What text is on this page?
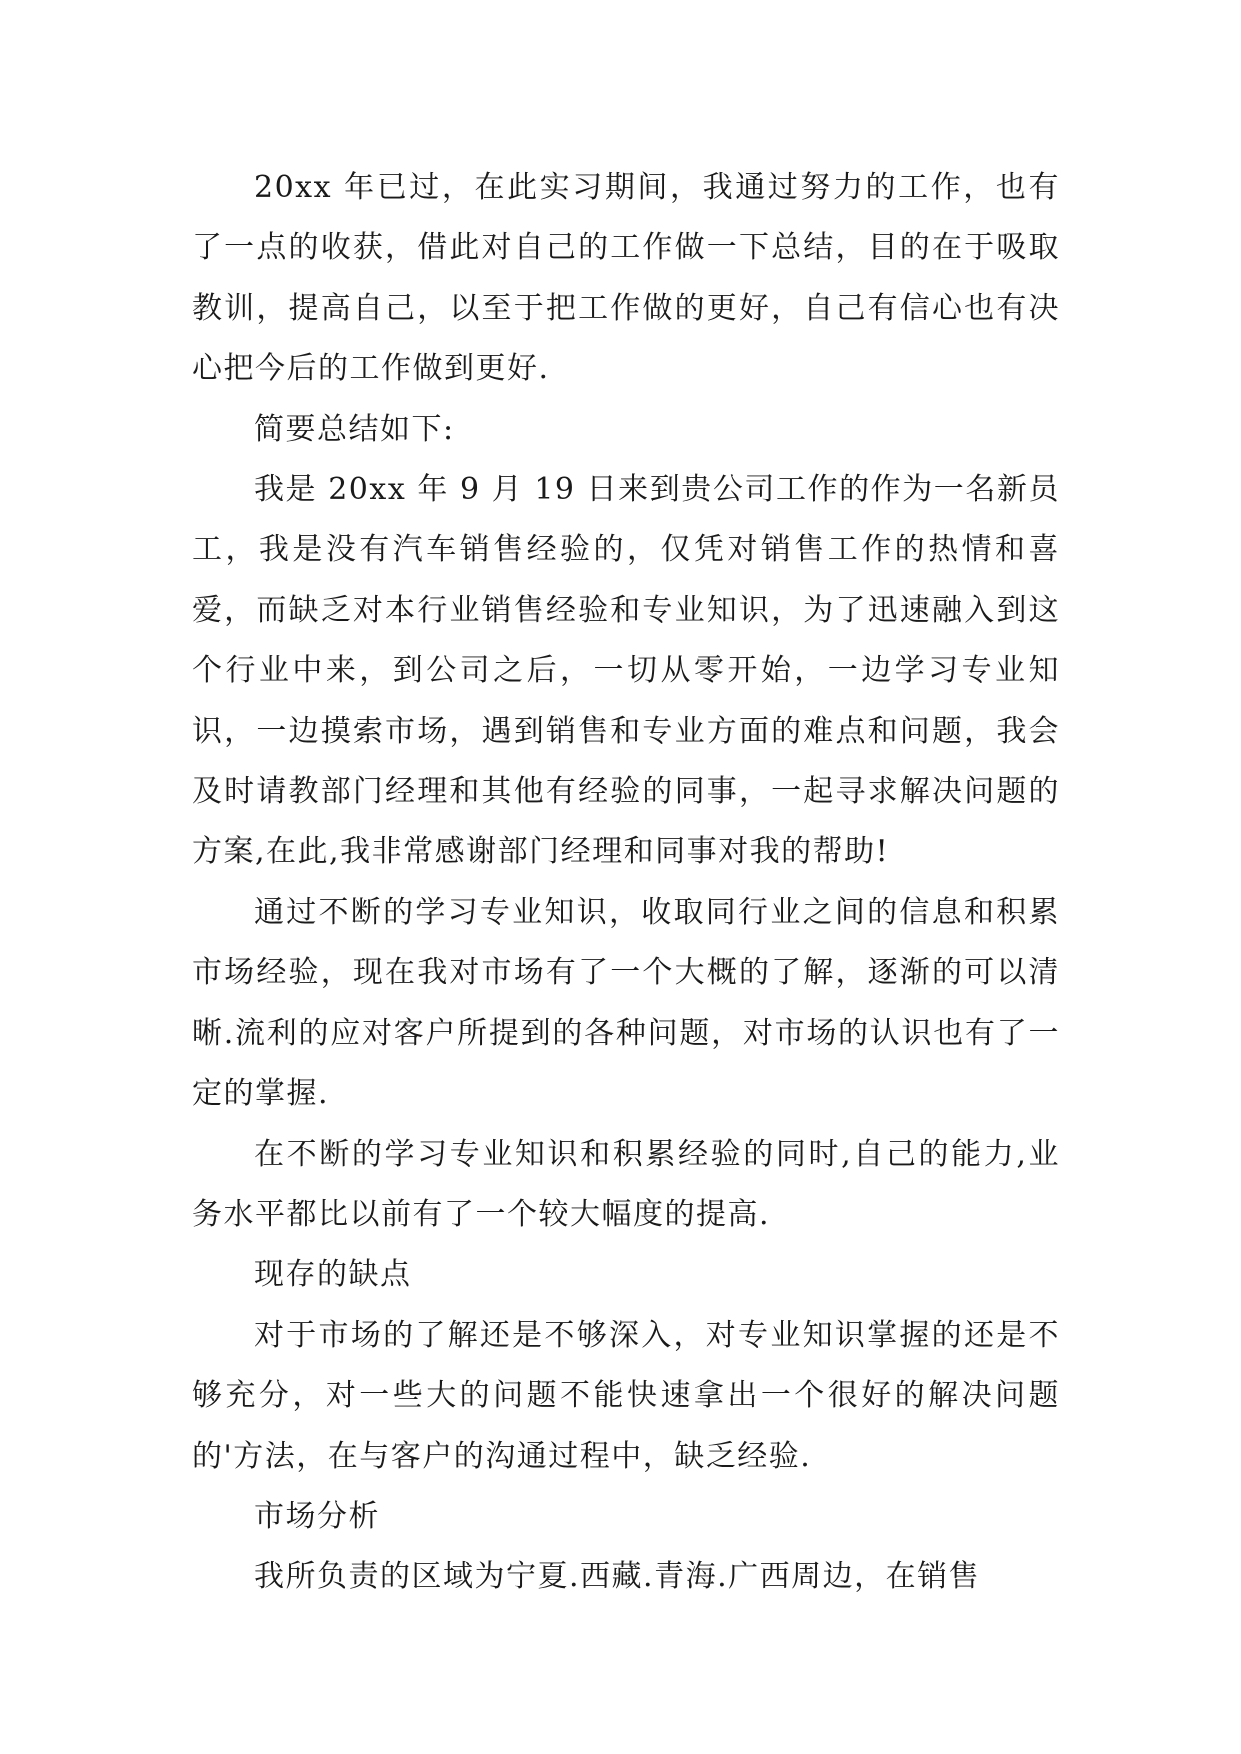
20xx 年已过，在此实习期间，我通过努力的工作，也有了一点的收获，借此对自己的工作做一下总结，目的在于吸取教训，提高自己，以至于把工作做的更好，自己有信心也有决心把今后的工作做到更好.

简要总结如下:

我是 20xx 年 9 月 19 日来到贵公司工作的作为一名新员工，我是没有汽车销售经验的，仅凭对销售工作的热情和喜爱，而缺乏对本行业销售经验和专业知识，为了迅速融入到这个行业中来，到公司之后，一切从零开始，一边学习专业知识，一边摸索市场，遇到销售和专业方面的难点和问题，我会及时请教部门经理和其他有经验的同事，一起寻求解决问题的方案,在此,我非常感谢部门经理和同事对我的帮助!

通过不断的学习专业知识，收取同行业之间的信息和积累市场经验，现在我对市场有了一个大概的了解，逐渐的可以清晰.流利的应对客户所提到的各种问题，对市场的认识也有了一定的掌握.

在不断的学习专业知识和积累经验的同时,自己的能力,业务水平都比以前有了一个较大幅度的提高.

现存的缺点

对于市场的了解还是不够深入，对专业知识掌握的还是不够充分，对一些大的问题不能快速拿出一个很好的解决问题的'方法，在与客户的沟通过程中，缺乏经验.

市场分析

我所负责的区域为宁夏.西藏.青海.广西周边，在销售
